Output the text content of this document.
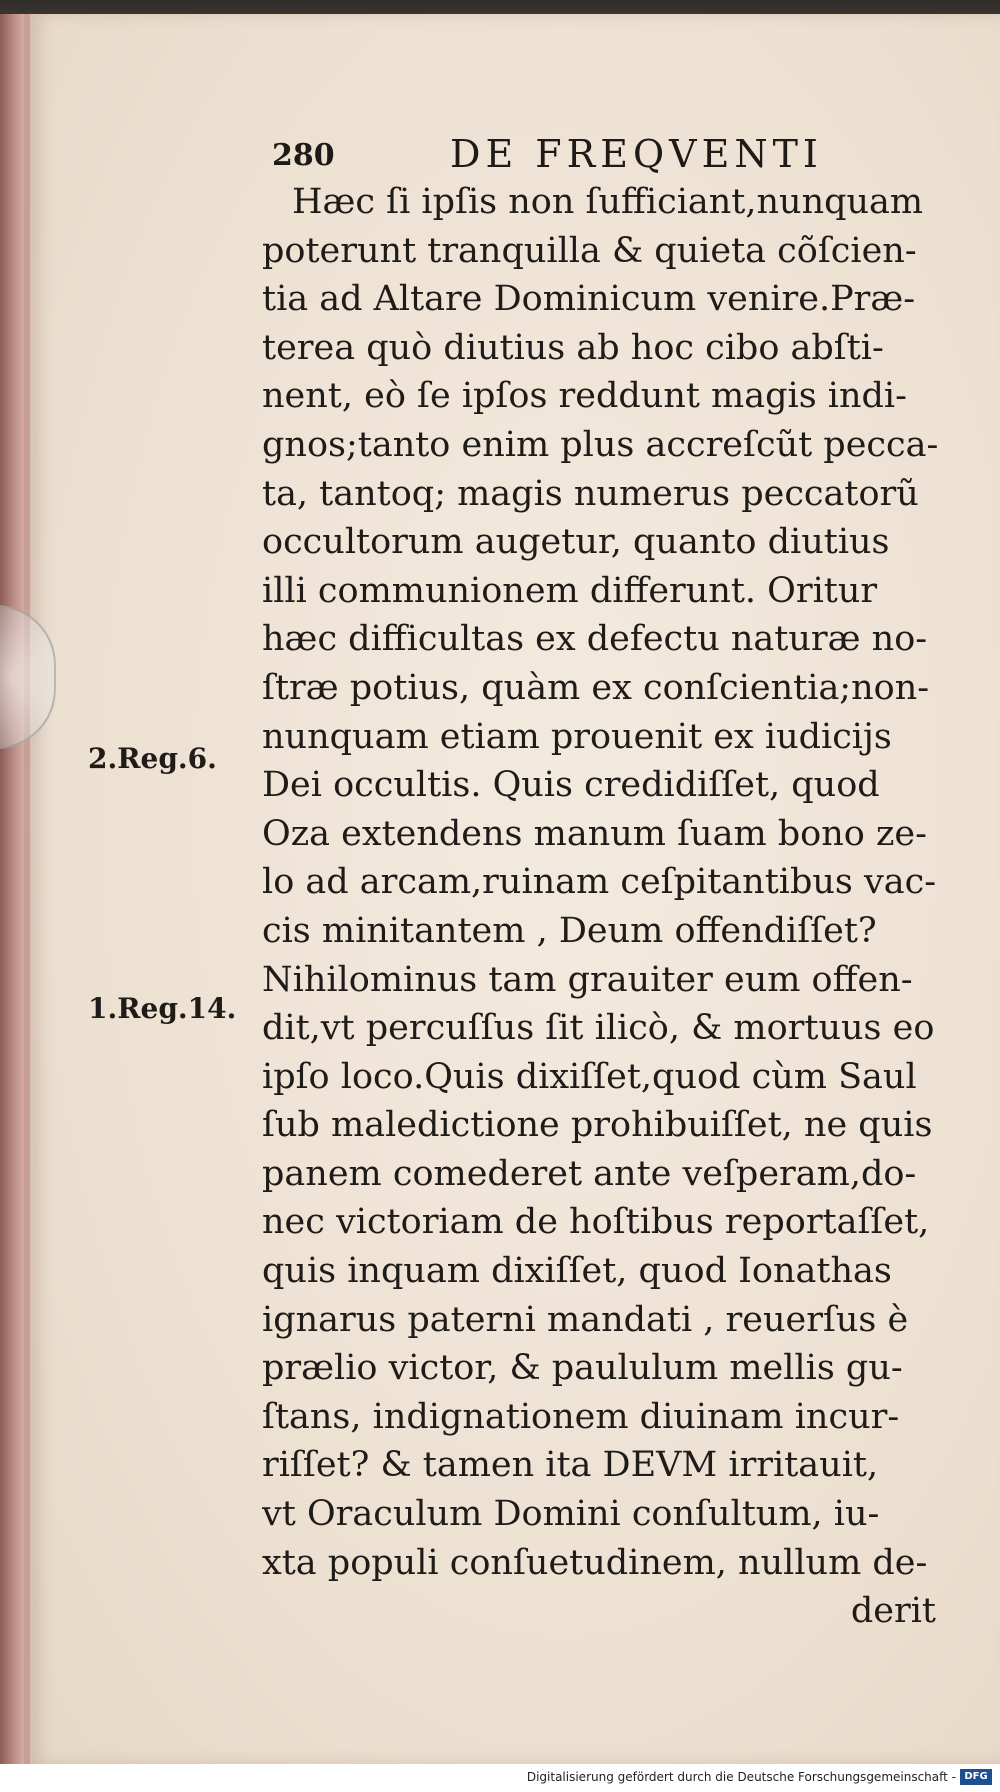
280	DE FREQVENTI
Hæc ſi ipſis non ſufficiant,nunquam
poterunt tranquilla & quieta cõſcien-
tia ad Altare Dominicum venire.Præ-
terea quò diutius ab hoc cibo abſti-
nent, eò ſe ipſos reddunt magis indi-
gnos;tanto enim plus accreſcũt pecca-
ta, tantoq; magis numerus peccatorũ
occultorum augetur, quanto diutius
illi communionem differunt. Oritur
hæc difficultas ex defectu naturæ no-
ſtræ potius, quàm ex conſcientia;non-
nunquam etiam prouenit ex iudicijs
Dei occultis. Quis credidiſſet, quod
Oza extendens manum ſuam bono ze-
lo ad arcam,ruinam ceſpitantibus vac-
cis minitantem , Deum offendiſſet?
Nihilominus tam grauiter eum offen-
dit,vt percuſſus ſit ilicò, & mortuus eo
ipſo loco.Quis dixiſſet,quod cùm Saul
ſub maledictione prohibuiſſet, ne quis
panem comederet ante veſperam,do-
nec victoriam de hoſtibus reportaſſet,
quis inquam dixiſſet, quod Ionathas
ignarus paterni mandati , reuerſus è
prælio victor, & paululum mellis gu-
ſtans, indignationem diuinam incur-
riſſet? & tamen ita DEVM irritauit,
vt Oraculum Domini conſultum, iu-
xta populi conſuetudinem, nullum de-
derit
2.Reg.6.
1.Reg.14.
Digitalisierung gefördert durch die Deutsche Forschungsgemeinschaft - DFG
